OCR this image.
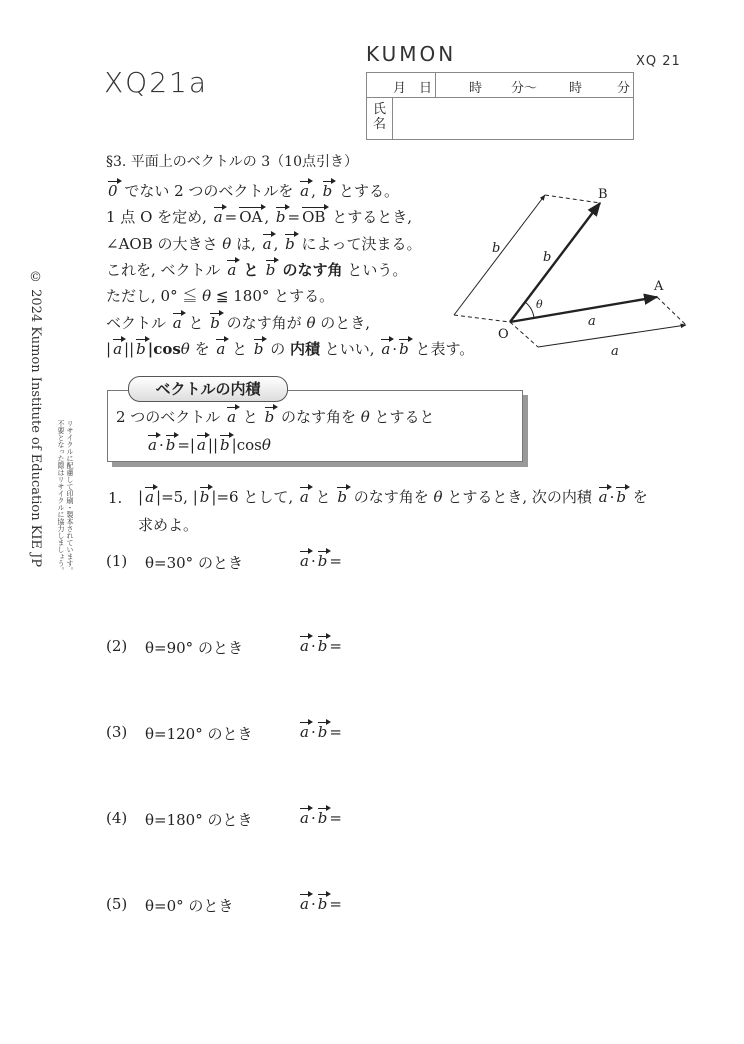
XQ21a
KUMON	XQ 21
月 日	時 分～ 時	分
氏名
© 2024 Kumon Institute of Education KIE JP	リサイクルに配慮して印刷・製本されています。
不要となった際はリサイクルに協力しましょう。
§3. 平面上のベクトルの 3（10点引き）
0 でない 2 つのベクトルを a , b とする。
1 点 O を定め, a = OA , b = OB とするとき,
∠AOB の大きさ θ は, a , b によって決まる。
これを, ベクトル a と b のなす角 という。
ただし, 0° ≦ θ ≦ 180° とする。
ベクトル a と b のなす角が θ のとき,
| a || b |cosθ を a と b の 内積 といい, a · b と表す。
B
A
O
θ
b
b
a
a
ベクトルの内積
2 つのベクトル a と b のなす角を θ とすると
a · b =| a || b |cosθ
1. | a |=5, | b |=6 として, a と b のなす角を θ とするとき, 次の内積 a · b を
求めよ。
(1) θ=30° のとき	a · b =
(2) θ=90° のとき	a · b =
(3) θ=120° のとき	a · b =
(4) θ=180° のとき	a · b =
(5) θ=0° のとき	a · b =
